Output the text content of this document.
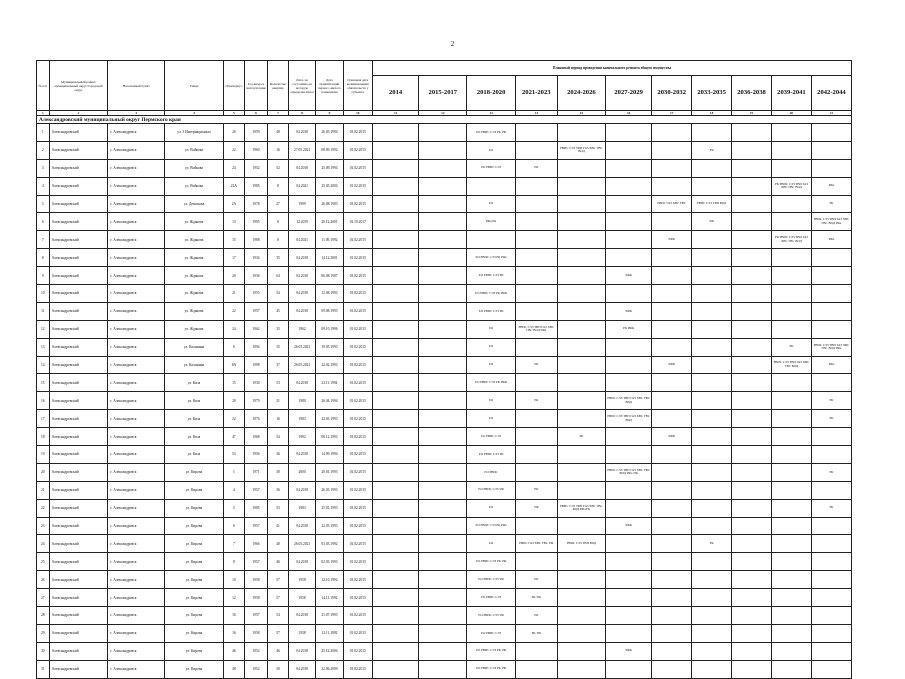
2
№ п/п	Муниципальный район/муниципальный округ/городской округ	Населенный пункт	Улица	Дом/корпус	Год ввода в эксплуатацию	Количество квартир	Дата, по состоянию на которую определен износ	Дата приватизации первого жилого помещения	Плановая дата возникновения обязательств у субъекта	Плановый период проведения капитального ремонта общего имущества										
										2014	2015-2017	2018-2020	2021-2023	2024-2026	2027-2029	2030-2032	2033-2035	2036-2038	2039-2041	2042-2044
1	2	3	4	5	6	7	8	9	10	11	12	13	14	15	16	17	18	19	20	21
Александровский муниципальный округ Пермского края																				
1	Александровский	г. Александровск	ул. 3 Интернационала	26	1959	48	04.2018	26.05.1994	01.02.2015			ЕО РВИС СЭЗ РК УФ								
2	Александровский	г. Александровск	ул. Войкова	22	1960	16	27.05.2021	08.09.1992	01.02.2015			ЕО		РВИС СЭЗ ТВП ГАЗ ХВС ГВС ВОД			РК			
3	Александровский	г. Александровск	ул. Войкова	24	1952	52	04.2018	25.09.1994	01.02.2015			ЕО РВИС СЭЗ	РК							
4	Александровский	г. Александровск	ул. Войкова	22А	1985	8	04.2021	25.05.2004	01.02.2015										РК РВИС СЭЗ ТВП ГАЗ ХВС ГВС ВОД	РФа
5	Александровский	г. Александровск	ул. Демонова	2А	1978	27	1999	26.08.1993	01.02.2015			ЕО				РВИС ГАЗ ХВС ГВС	РВИС СЭЗ ТВП ВОД			РК
6	Александровский	г. Александровск	ул. Жданова	13	1995	8	12.2019	20.12.2001	01.10.2017			РФа РК					РФ			РВИС СЭЗ ТВП ГАЗ ХВС ГВС ВОД РФа
7	Александровский	г. Александровск	ул. Жданова	15	1988	8	04.2021	11.09.1992	01.02.2015							РФК			РК РВИС СЭЗ ТВП ГАЗ ХВС ГВС ВОД	РФа
8	Александровский	г. Александровск	ул. Жданова	17	1934	35	04.2018	14.12.2001	01.02.2015			ЕО РВИС СЭЗ РК РФа								
9	Александровский	г. Александровск	ул. Жданова	20	1936	64	04.2018	06.08.1997	01.02.2015			ЕО РВИС СЭЗ РК			РФК					
10	Александровский	г. Александровск	ул. Жданова	21	1955	54	04.2018	12.08.1993	01.02.2015			ЕО РВИС СЭЗ РК РФК								
11	Александровский	г. Александровск	ул. Жданова	22	1957	45	04.2018	09.08.1993	01.02.2015			ЕО РВИС СЭЗ РК			РФК					
12	Александровский	г. Александровск	ул. Жданова	24	1962	35	1962	09.10.1996	01.02.2015			ЕО	РВИС СЭЗ ТВП ГАЗ ХВС ГВС ВОД РФа		РК РФК					
13	Александровский	г. Александровск	ул. Калинина	6	1994	35	26.05.2021	19.05.1993	01.02.2015			ЕО							РК	РВИС СЭЗ ТВП ГАЗ ХВС ГВС ВОД РФа
14	Александровский	г. Александровск	ул. Калинина	8А	1998	37	26.05.2021	22.02.1993	01.02.2015			ЕО	РК			РФК			РВИС СЭЗ ТВП ГАЗ ХВС ГВС ВОД	РФа
15	Александровский	г. Александровск	ул. Киза	15	1930	53	04.2018	23.11.1994	01.02.2015			ЕО РВИС СЭЗ РК РФК								
16	Александровский	г. Александровск	ул. Киза	20	1979	21	1980	26.04.1994	01.02.2015			ЕО	РК		РВИС СЭЗ ТВП ГАЗ ХВС ГВС ВОД					РК
17	Александровский	г. Александровск	ул. Киза	22	1976	16	1983	22.03.1993	01.02.2015			ЕО			РВИС СЭЗ ТВП ГАЗ ХВС ГВС ВОД					РК
18	Александровский	г. Александровск	ул. Киза	47	1968	54	1992	06.12.1993	01.02.2015			ЕО РВИС СЭЗ		РК		РФК				
19	Александровский	г. Александровск	ул. Киза	53	1956	36	04.2018	14.09.1994	01.02.2015			ЕО РВИС СЭЗ РК								
20	Александровский	г. Александровск	ул. Кирова	1	1971	30	2000	20.01.1993	01.02.2015			ЕО РВИС			РВИС СЭЗ ТВП ГАЗ ХВС ГВС ВОД РФа УФ					РК
21	Александровский	г. Александровск	ул. Кирова	4	1957	36	04.2018	26.03.1993	01.02.2015			ЕО РВИС СЭЗ УФ	РК							
22	Александровский	г. Александровск	ул. Кирова	5	1985	53	1983	25.01.1993	01.02.2015			ЕО	УФ	РВИС СЭЗ ТВП ГАЗ ХВС ГВС ВОД РФа РК						РК
23	Александровский	г. Александровск	ул. Кирова	6	1957	41	04.2018	22.03.1993	01.02.2015			ЕО РВИС СЭЗ РК РФа			РФК					
24	Александровский	г. Александровск	ул. Кирова	7	1966	40	26.05.2021	03.03.1992	01.02.2015			ЕО	РВИС ГАЗ ХВС ГВС УФ	РВИС СЭЗ ТВП ВОД			РК			
25	Александровский	г. Александровск	ул. Кирова	8	1957	46	04.2018	02.03.1993	01.02.2015			ЕО РВИС СЭЗ РК УФ								
26	Александровский	г. Александровск	ул. Кирова	10	1958	57	1958	12.10.1992	01.02.2015			ЕО РВИС СЭЗ УФ	РК							
27	Александровский	г. Александровск	ул. Кирова	12	1958	57	1958	14.11.1992	01.02.2015			ЕО РВИС СЭЗ	РК УФ							
28	Александровский	г. Александровск	ул. Кирова	16	1957	54	04.2018	21.07.1993	01.02.2015			ЕО РВИС СЭЗ УФ	РК							
29	Александровский	г. Александровск	ул. Кирова	16	1958	57	1958	12.11.1992	01.02.2015			ЕО РВИС СЭЗ	РК УФ							
30	Александровский	г. Александровск	ул. Кирова	46	1952	46	04.2018	25.12.2004	01.02.2015			ЕО РВИС СЭЗ РК УФ			РФК					
31	Александровский	г. Александровск	ул. Кирова	48	1952	50	04.2018	22.06.2009	01.02.2015			ЕО РВИС СЭЗ РК УФ								
